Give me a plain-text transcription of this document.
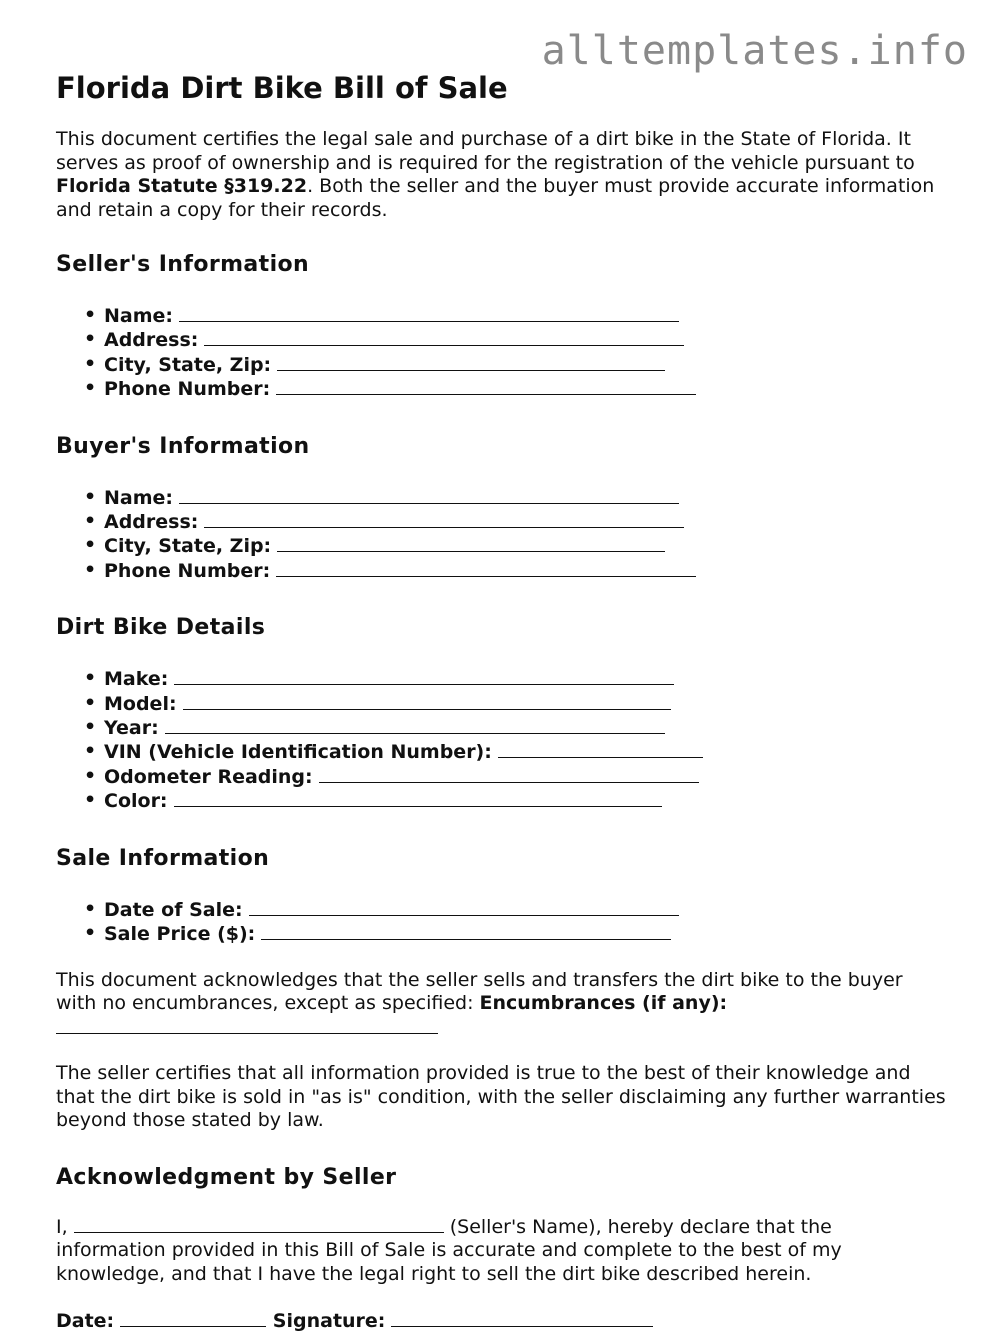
alltemplates.info
Florida Dirt Bike Bill of Sale

This document certifies the legal sale and purchase of a dirt bike in the State of Florida. It serves as proof of ownership and is required for the registration of the vehicle pursuant to Florida Statute §319.22. Both the seller and the buyer must provide accurate information and retain a copy for their records.

Seller's Information
• Name:
• Address:
• City, State, Zip:
• Phone Number:
Buyer's Information
• Name:
• Address:
• City, State, Zip:
• Phone Number:
Dirt Bike Details
• Make:
• Model:
• Year:
• VIN (Vehicle Identification Number):
• Odometer Reading:
• Color:
Sale Information
• Date of Sale:
• Sale Price ($):

This document acknowledges that the seller sells and transfers the dirt bike to the buyer with no encumbrances, except as specified: Encumbrances (if any):

The seller certifies that all information provided is true to the best of their knowledge and that the dirt bike is sold in "as is" condition, with the seller disclaiming any further warranties beyond those stated by law.

Acknowledgment by Seller

I,	(Seller's Name), hereby declare that the information provided in this Bill of Sale is accurate and complete to the best of my knowledge, and that I have the legal right to sell the dirt bike described herein.

Date:	Signature:
